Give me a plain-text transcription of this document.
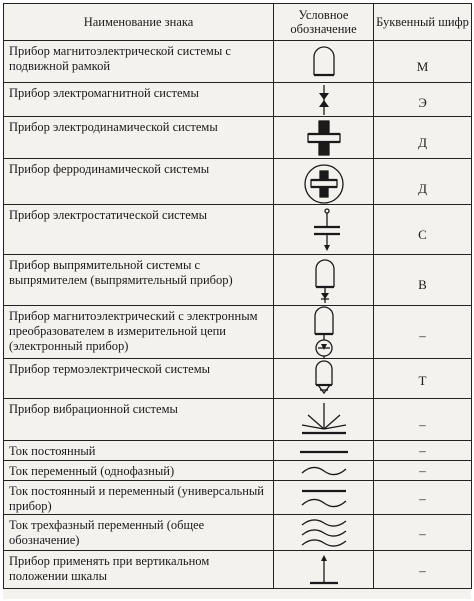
Наименование знака	Условное обозначение	Буквенный шифр
Прибор магнитоэлектрической системы с подвижной рамкой		М

Прибор электромагнитной системы		Э

Прибор электродинамической системы		Д

Прибор ферродинамической системы		Д

Прибор электростатической системы		С

Прибор выпрямительной системы с выпрямителем (выпрямительный прибор)		В

Прибор магнитоэлектрический с электронным преобразователем в измерительной цепи (электронный прибор)		–

Прибор термоэлектрической системы		Т

Прибор вибрационной системы		–

Ток постоянный		–

Ток переменный (однофазный)		–

Ток постоянный и переменный (универсальный прибор)		–

Ток трехфазный переменный (общее обозначение)		–

Прибор применять при вертикальном положении шкалы		–
